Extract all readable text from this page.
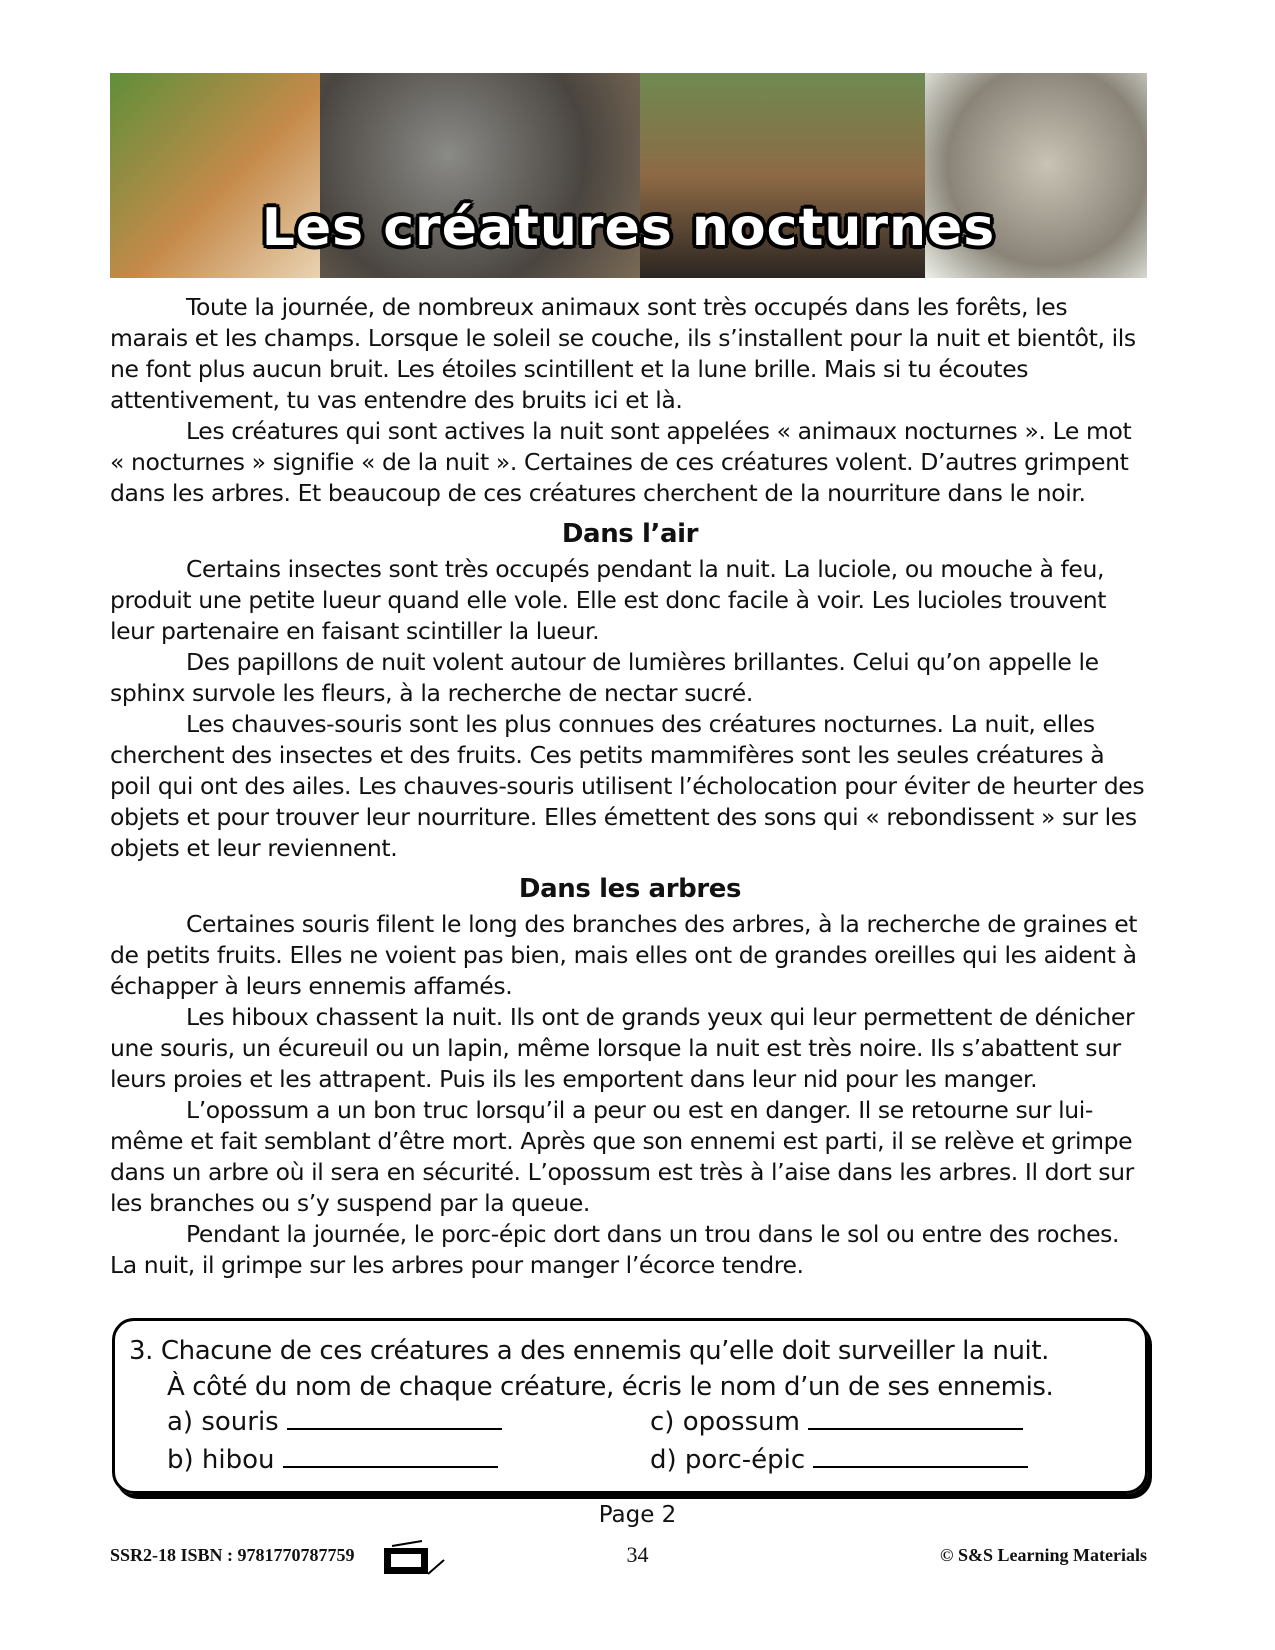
Les créatures nocturnes

Toute la journée, de nombreux animaux sont très occupés dans les forêts, les marais et les champs. Lorsque le soleil se couche, ils s’installent pour la nuit et bientôt, ils ne font plus aucun bruit. Les étoiles scintillent et la lune brille. Mais si tu écoutes attentivement, tu vas entendre des bruits ici et là.

Les créatures qui sont actives la nuit sont appelées « animaux nocturnes ». Le mot « nocturnes » signifie « de la nuit ». Certaines de ces créatures volent. D’autres grimpent dans les arbres. Et beaucoup de ces créatures cherchent de la nourriture dans le noir.

Dans l’air

Certains insectes sont très occupés pendant la nuit. La luciole, ou mouche à feu, produit une petite lueur quand elle vole. Elle est donc facile à voir. Les lucioles trouvent leur partenaire en faisant scintiller la lueur.

Des papillons de nuit volent autour de lumières brillantes. Celui qu’on appelle le sphinx survole les fleurs, à la recherche de nectar sucré.

Les chauves-souris sont les plus connues des créatures nocturnes. La nuit, elles cherchent des insectes et des fruits. Ces petits mammifères sont les seules créatures à poil qui ont des ailes. Les chauves-souris utilisent l’écholocation pour éviter de heurter des objets et pour trouver leur nourriture. Elles émettent des sons qui « rebondissent » sur les objets et leur reviennent.

Dans les arbres

Certaines souris filent le long des branches des arbres, à la recherche de graines et de petits fruits. Elles ne voient pas bien, mais elles ont de grandes oreilles qui les aident à échapper à leurs ennemis affamés.

Les hiboux chassent la nuit. Ils ont de grands yeux qui leur permettent de dénicher une souris, un écureuil ou un lapin, même lorsque la nuit est très noire. Ils s’abattent sur leurs proies et les attrapent. Puis ils les emportent dans leur nid pour les manger.

L’opossum a un bon truc lorsqu’il a peur ou est en danger. Il se retourne sur lui-même et fait semblant d’être mort. Après que son ennemi est parti, il se relève et grimpe dans un arbre où il sera en sécurité. L’opossum est très à l’aise dans les arbres. Il dort sur les branches ou s’y suspend par la queue.

Pendant la journée, le porc-épic dort dans un trou dans le sol ou entre des roches. La nuit, il grimpe sur les arbres pour manger l’écorce tendre.

3. Chacune de ces créatures a des ennemis qu’elle doit surveiller la nuit.
À côté du nom de chaque créature, écris le nom d’un de ses ennemis.
a) souris
b) hibou
c) opossum
d) porc-épic
Page 2
SSR2-18 ISBN : 9781770787759	34	© S&S Learning Materials
